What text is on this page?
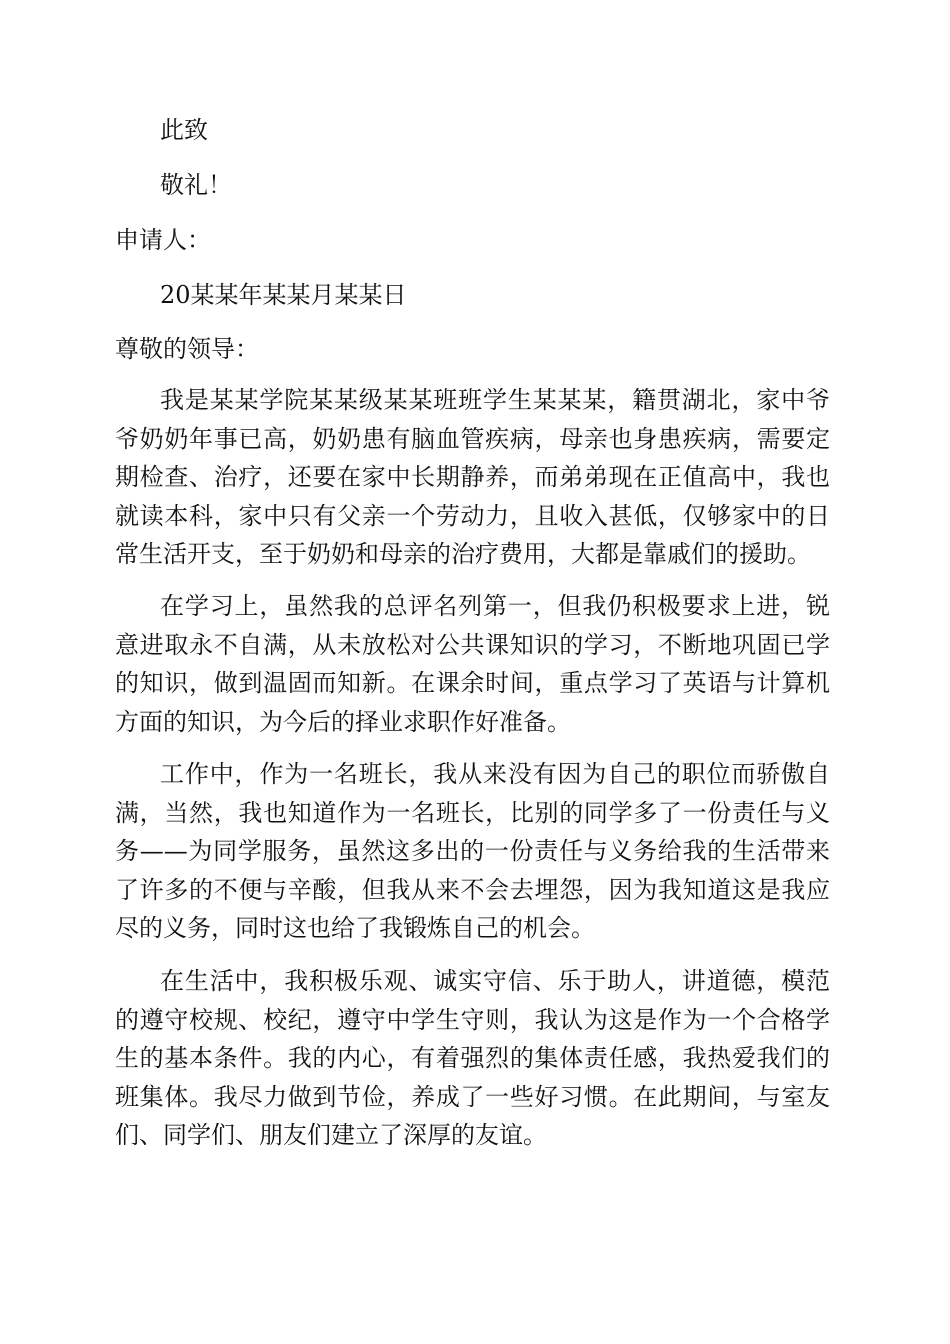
此致

敬礼！

申请人：

20某某年某某月某某日

尊敬的领导：

我是某某学院某某级某某班班学生某某某，籍贯湖北，家中爷爷奶奶年事已高，奶奶患有脑血管疾病，母亲也身患疾病，需要定期检查、治疗，还要在家中长期静养，而弟弟现在正值高中，我也就读本科，家中只有父亲一个劳动力，且收入甚低，仅够家中的日常生活开支，至于奶奶和母亲的治疗费用，大都是靠戚们的援助。

在学习上，虽然我的总评名列第一，但我仍积极要求上进，锐意进取永不自满，从未放松对公共课知识的学习，不断地巩固已学的知识，做到温固而知新。在课余时间，重点学习了英语与计算机方面的知识，为今后的择业求职作好准备。

工作中，作为一名班长，我从来没有因为自己的职位而骄傲自满，当然，我也知道作为一名班长，比别的同学多了一份责任与义务——为同学服务，虽然这多出的一份责任与义务给我的生活带来了许多的不便与辛酸，但我从来不会去埋怨，因为我知道这是我应尽的义务，同时这也给了我锻炼自己的机会。

在生活中，我积极乐观、诚实守信、乐于助人，讲道德，模范的遵守校规、校纪，遵守中学生守则，我认为这是作为一个合格学生的基本条件。我的内心，有着强烈的集体责任感，我热爱我们的班集体。我尽力做到节俭，养成了一些好习惯。在此期间，与室友们、同学们、朋友们建立了深厚的友谊。
